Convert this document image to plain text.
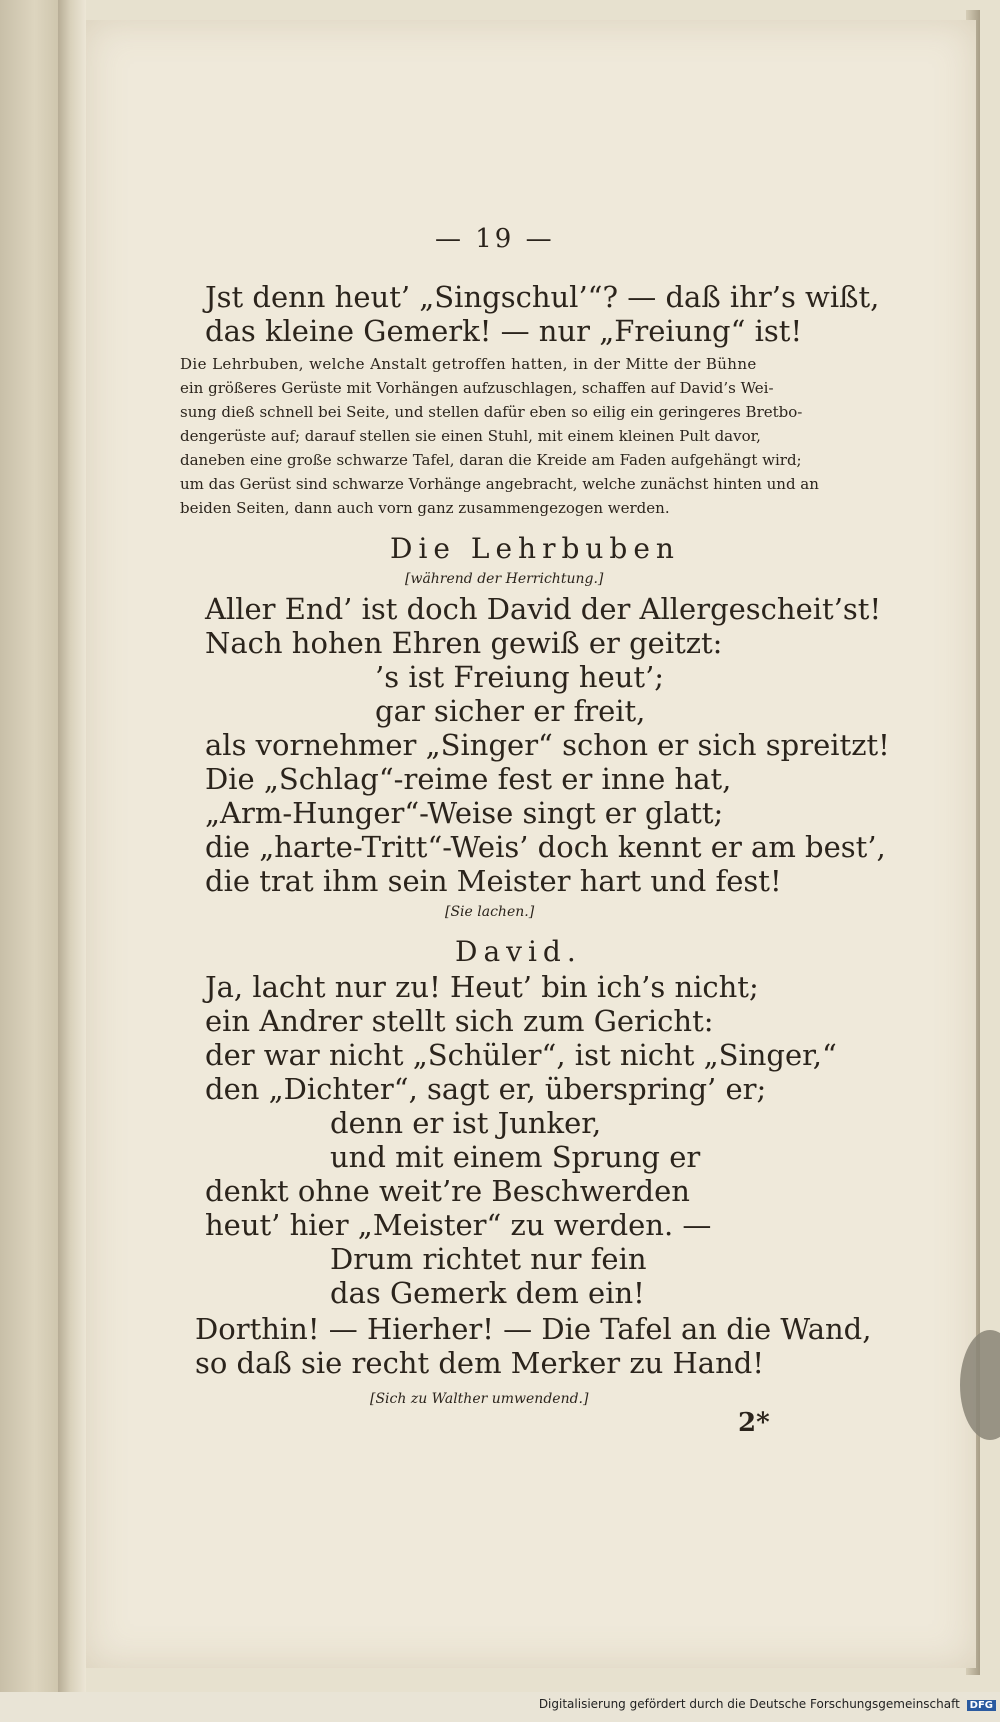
— 19 —
Jst denn heut’ „Singschul’“? — daß ihr’s wißt,
das kleine Gemerk! — nur „Freiung“ ist!
Die Lehrbuben, welche Anstalt getroffen hatten, in der Mitte der Bühne
ein größeres Gerüste mit Vorhängen aufzuschlagen, schaffen auf David’s Wei-
sung dieß schnell bei Seite, und stellen dafür eben so eilig ein geringeres Bretbo-
dengerüste auf; darauf stellen sie einen Stuhl, mit einem kleinen Pult davor,
daneben eine große schwarze Tafel, daran die Kreide am Faden aufgehängt wird;
um das Gerüst sind schwarze Vorhänge angebracht, welche zunächst hinten und an
beiden Seiten, dann auch vorn ganz zusammengezogen werden.
Die Lehrbuben
[während der Herrichtung.]
Aller End’ ist doch David der Allergescheit’st!
Nach hohen Ehren gewiß er geitzt:
’s ist Freiung heut’;
gar sicher er freit,
als vornehmer „Singer“ schon er sich spreitzt!
Die „Schlag“-reime fest er inne hat,
„Arm-Hunger“-Weise singt er glatt;
die „harte-Tritt“-Weis’ doch kennt er am best’,
die trat ihm sein Meister hart und fest!
[Sie lachen.]
David.
Ja, lacht nur zu! Heut’ bin ich’s nicht;
ein Andrer stellt sich zum Gericht:
der war nicht „Schüler“, ist nicht „Singer,“
den „Dichter“, sagt er, überspring’ er;
denn er ist Junker,
und mit einem Sprung er
denkt ohne weit’re Beschwerden
heut’ hier „Meister“ zu werden. —
Drum richtet nur fein
das Gemerk dem ein!
Dorthin! — Hierher! — Die Tafel an die Wand,
so daß sie recht dem Merker zu Hand!
[Sich zu Walther umwendend.]
2*
Digitalisierung gefördert durch die Deutsche Forschungsgemeinschaft DFG
